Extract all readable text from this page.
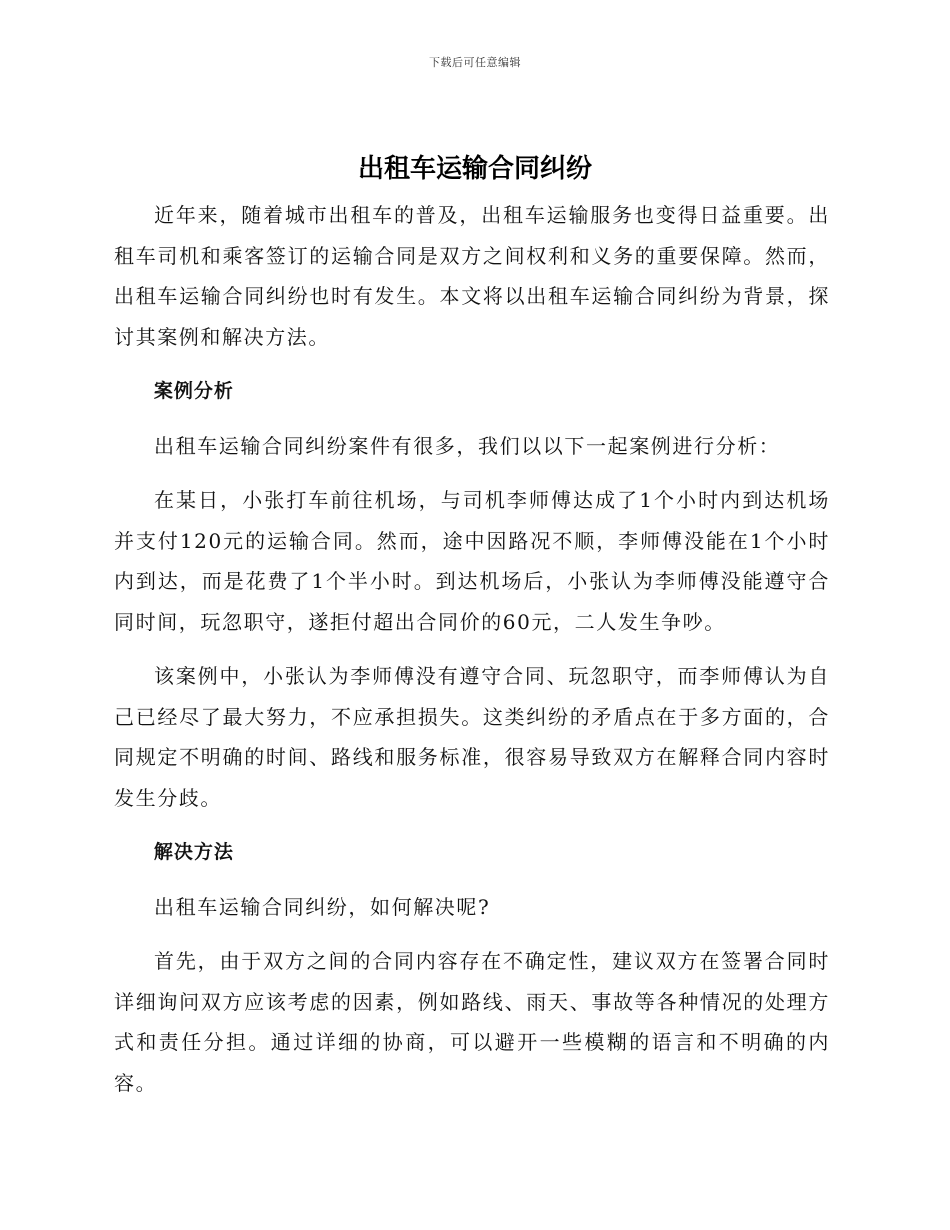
下载后可任意编辑
出租车运输合同纠纷

近年来，随着城市出租车的普及，出租车运输服务也变得日益重要。出租车司机和乘客签订的运输合同是双方之间权利和义务的重要保障。然而，出租车运输合同纠纷也时有发生。本文将以出租车运输合同纠纷为背景，探讨其案例和解决方法。

案例分析

出租车运输合同纠纷案件有很多，我们以以下一起案例进行分析：

在某日，小张打车前往机场，与司机李师傅达成了1个小时内到达机场并支付120元的运输合同。然而，途中因路况不顺，李师傅没能在1个小时内到达，而是花费了1个半小时。到达机场后，小张认为李师傅没能遵守合同时间，玩忽职守，遂拒付超出合同价的60元，二人发生争吵。

该案例中，小张认为李师傅没有遵守合同、玩忽职守，而李师傅认为自己已经尽了最大努力，不应承担损失。这类纠纷的矛盾点在于多方面的，合同规定不明确的时间、路线和服务标准，很容易导致双方在解释合同内容时发生分歧。

解决方法

出租车运输合同纠纷，如何解决呢?

首先，由于双方之间的合同内容存在不确定性，建议双方在签署合同时详细询问双方应该考虑的因素，例如路线、雨天、事故等各种情况的处理方式和责任分担。通过详细的协商，可以避开一些模糊的语言和不明确的内容。
